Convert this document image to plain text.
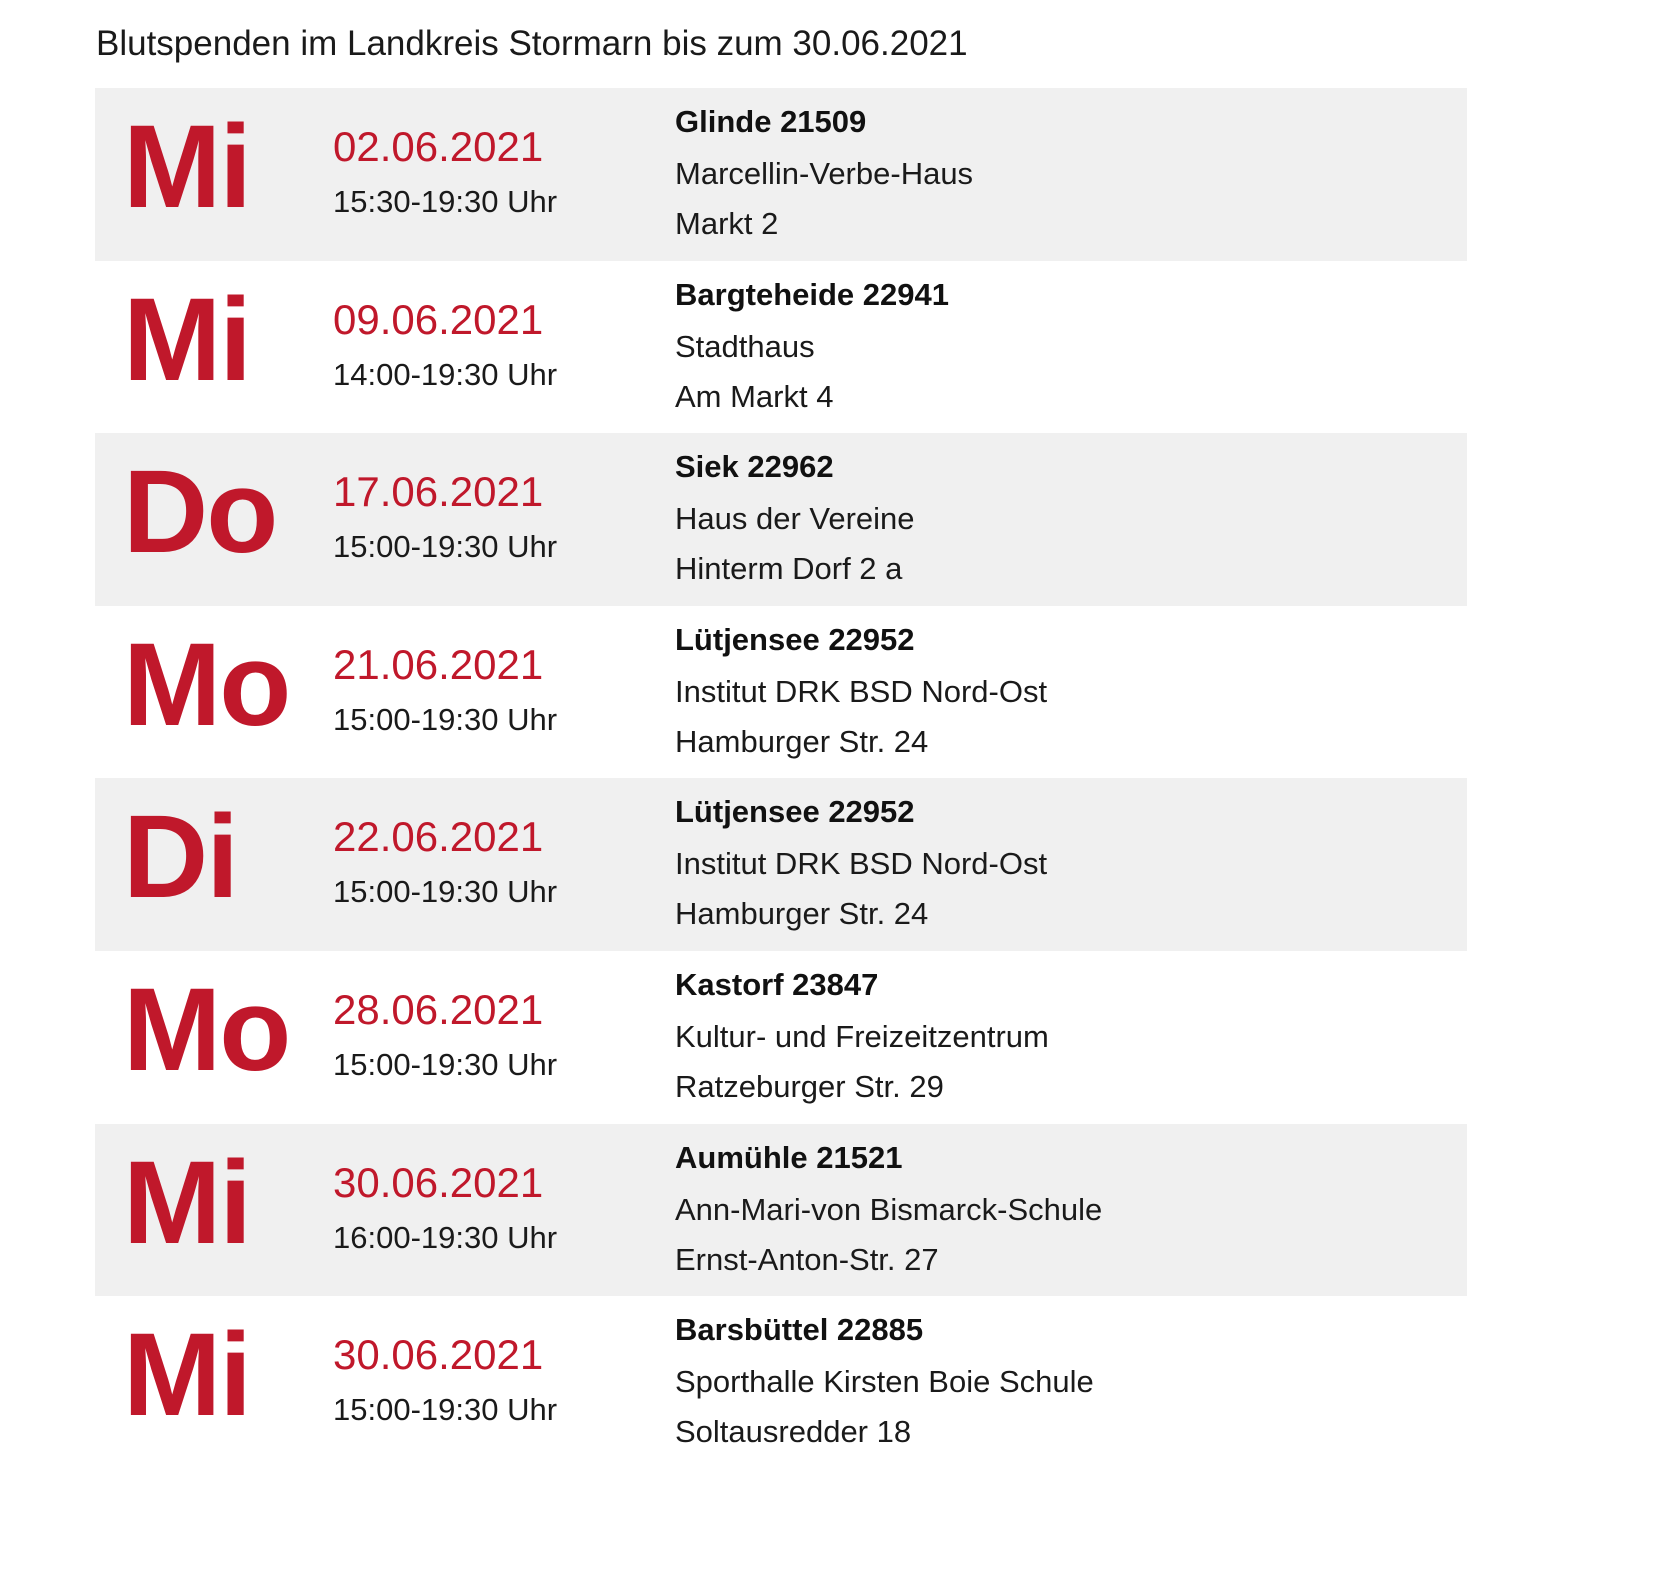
Blutspenden im Landkreis Stormarn bis zum 30.06.2021
Mi 02.06.2021
15:30-19:30 Uhr
Glinde 21509
Marcellin-Verbe-Haus
Markt 2
Mi 09.06.2021
14:00-19:30 Uhr
Bargteheide 22941
Stadthaus
Am Markt 4
Do 17.06.2021
15:00-19:30 Uhr
Siek 22962
Haus der Vereine
Hinterm Dorf 2 a
Mo 21.06.2021
15:00-19:30 Uhr
Lütjensee 22952
Institut DRK BSD Nord-Ost
Hamburger Str. 24
Di 22.06.2021
15:00-19:30 Uhr
Lütjensee 22952
Institut DRK BSD Nord-Ost
Hamburger Str. 24
Mo 28.06.2021
15:00-19:30 Uhr
Kastorf 23847
Kultur- und Freizeitzentrum
Ratzeburger Str. 29
Mi 30.06.2021
16:00-19:30 Uhr
Aumühle 21521
Ann-Mari-von Bismarck-Schule
Ernst-Anton-Str. 27
Mi 30.06.2021
15:00-19:30 Uhr
Barsbüttel 22885
Sporthalle Kirsten Boie Schule
Soltausredder 18
